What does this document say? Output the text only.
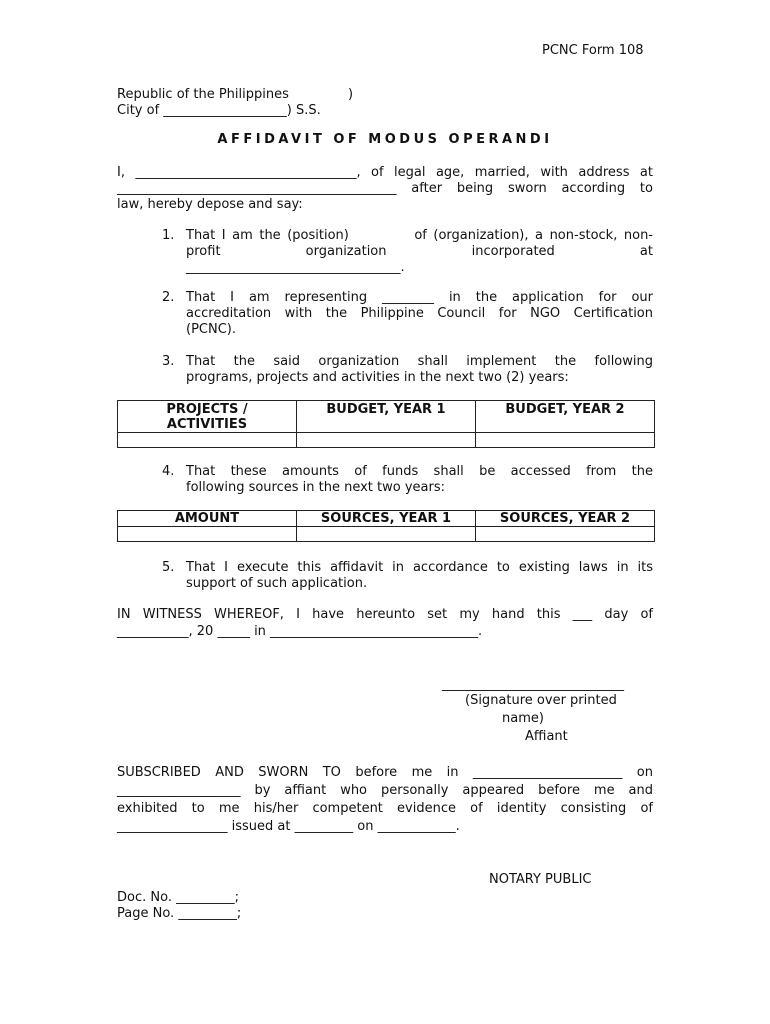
PCNC Form 108
Republic of the Philippines	)
City of ___________________) S.S.
AFFIDAVIT OF MODUS OPERANDI
I, __________________________________, of legal age, married, with address at
___________________________________________ after being sworn according to
law, hereby depose and say:
1. That I am the (position)          of (organization), a non-stock, non-
profit	organization	incorporated	at
_________________________________.
2. That I am representing ________ in the application for our
accreditation with the Philippine Council for NGO Certification
(PCNC).
3. That the said organization shall implement the following
programs, projects and activities in the next two (2) years:
PROJECTS /
ACTIVITIES	BUDGET, YEAR 1	BUDGET, YEAR 2

4. That these amounts of funds shall be accessed from the
following sources in the next two years:
AMOUNT	SOURCES, YEAR 1	SOURCES, YEAR 2

5. That I execute this affidavit in accordance to existing laws in its
support of such application.
IN WITNESS WHEREOF, I have hereunto set my hand this ___ day of
___________, 20 _____ in ________________________________.
____________________________
(Signature over printed
name)
Affiant
SUBSCRIBED AND SWORN TO before me in _______________________ on
___________________ by affiant who personally appeared before me and
exhibited to me his/her competent evidence of identity consisting of
_________________ issued at _________ on ____________.
NOTARY PUBLIC
Doc. No. _________;
Page No. _________;
